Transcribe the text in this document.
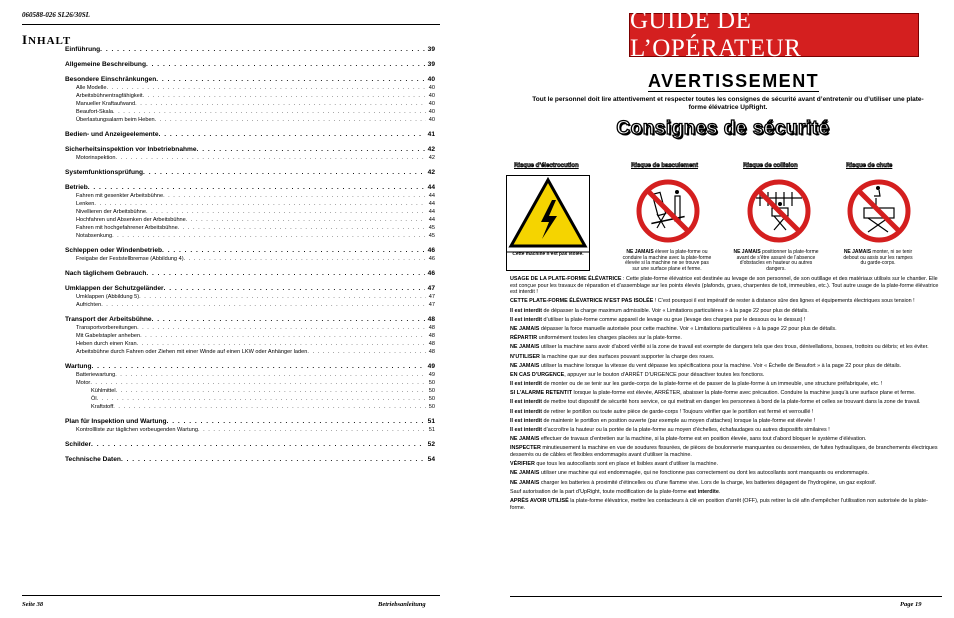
060588-026 SL26/30SL
INHALT
Einführung . . .	39
Allgemeine Beschreibung . . .	39
Besondere Einschränkungen . . .	40
Alle Modelle . . .	40
Arbeitsbühnentragfähigkeit . . .	40
Manueller Kraftaufwand . . .	40
Beaufort-Skala . . .	40
Überlastungsalarm beim Heben . . .	40
Bedien- und Anzeigeelemente . . .	41
Sicherheitsinspektion vor Inbetriebnahme . . .	42
Motorinspektion . . .	42
Systemfunktionsprüfung . . .	42
Betrieb . . .	44
Fahren mit gesenkter Arbeitsbühne . . .	44
Lenken . . .	44
Nivellieren der Arbeitsbühne . . .	44
Hochfahren und Absenken der Arbeitsbühne . . .	44
Fahren mit hochgefahrener Arbeitsbühne . . .	45
Notabsenkung . . .	45
Schleppen oder Windenbetrieb . . .	46
Freigabe der Feststellbremse (Abbildung 4) . . .	46
Nach täglichem Gebrauch . . .	46
Umklappen der Schutzgeländer . . .	47
Umklappen (Abbildung 5) . . .	47
Aufrichten . . .	47
Transport der Arbeitsbühne . . .	48
Transportvorbereitungen . . .	48
Mit Gabelstapler anheben . . .	48
Heben durch einen Kran . . .	48
Arbeitsbühne durch Fahren oder Ziehen mit einer Winde auf einen LKW oder Anhänger laden . . .	48
Wartung . . .	49
Batteriewartung . . .	49
Motor . . .	50
Kühlmittel . . .	50
Öl . . .	50
Kraftstoff . . .	50
Plan für Inspektion und Wartung . . .	51
Kontrollliste zur täglichen vorbeugenden Wartung . . .	51
Schilder . . .	52
Technische Daten . . .	54
Seite 38	Betriebsanleitung
GUIDE DE L’OPÉRATEUR
AVERTISSEMENT
Tout le personnel doit lire attentivement et respecter toutes les consignes de sécurité avant d’entretenir ou d’utiliser une plate-forme élévatrice UpRight.
Consignes de sécurité
Risque d’électrocution	Risque de basculement	Risque de collision	Risque de chute
Cette machine n’est pas isolée.	NE JAMAIS élever la plate-forme ou conduire la machine avec la plate-forme élevée si la machine ne se trouve pas sur une surface plane et ferme.
NE JAMAIS positionner la plate-forme avant de s’être assuré de l’absence d’obstacles en hauteur ou autres dangers.
NE JAMAIS monter, ni se tenir debout ou assis sur les rampes du garde-corps.

USAGE DE LA PLATE-FORME ÉLÉVATRICE : Cette plate-forme élévatrice est destinée au levage de son personnel, de son outillage et des matériaux utilisés sur le chantier. Elle est conçue pour les travaux de réparation et d’assemblage sur les points élevés (plafonds, grues, charpentes de toit, immeubles, etc.). Tout autre usage de la plate-forme élévatrice est interdit !

CETTE PLATE-FORME ÉLÉVATRICE N’EST PAS ISOLÉE ! C’est pourquoi il est impératif de rester à distance sûre des lignes et équipements électriques sous tension !

Il est interdit de dépasser la charge maximum admissible. Voir « Limitations particulières » à la page 22 pour plus de détails.

Il est interdit d’utiliser la plate-forme comme appareil de levage ou grue (levage des charges par le dessous ou le dessus) !

NE JAMAIS dépasser la force manuelle autorisée pour cette machine. Voir « Limitations particulières » à la page 22 pour plus de détails.

RÉPARTIR uniformément toutes les charges placées sur la plate-forme.

NE JAMAIS utiliser la machine sans avoir d’abord vérifié si la zone de travail est exempte de dangers tels que des trous, dénivellations, bosses, trottoirs ou débris; et les éviter.

N’UTILISER la machine que sur des surfaces pouvant supporter la charge des roues.

NE JAMAIS utiliser la machine lorsque la vitesse du vent dépasse les spécifications pour la machine. Voir « Échelle de Beaufort » à la page 22 pour plus de détails.

EN CAS D’URGENCE, appuyer sur le bouton d’ARRÊT D’URGENCE pour désactiver toutes les fonctions.

Il est interdit de monter ou de se tenir sur les garde-corps de la plate-forme et de passer de la plate-forme à un immeuble, une structure préfabriquée, etc. !

SI L’ALARME RETENTIT lorsque la plate-forme est élevée, ARRÊTER, abaisser la plate-forme avec précaution. Conduire la machine jusqu’à une surface plane et ferme.

Il est interdit de mettre tout dispositif de sécurité hors service, ce qui mettrait en danger les personnes à bord de la plate-forme et celles se trouvant dans la zone de travail.

Il est interdit de retirer le portillon ou toute autre pièce de garde-corps ! Toujours vérifier que le portillon est fermé et verrouillé !

Il est interdit de maintenir le portillon en position ouverte (par exemple au moyen d’attaches) lorsque la plate-forme est élevée !

Il est interdit d’accroître la hauteur ou la portée de la plate-forme au moyen d’échelles, échafaudages ou autres dispositifs similaires !

NE JAMAIS effectuer de travaux d’entretien sur la machine, si la plate-forme est en position élevée, sans tout d’abord bloquer le système d’élévation.

INSPECTER minutieusement la machine en vue de soudures fissurées, de pièces de boulonnerie manquantes ou desserrées, de fuites hydrauliques, de branchements électriques desserrés ou de câbles et flexibles endommagés avant d’utiliser la machine.

VÉRIFIER que tous les autocollants sont en place et lisibles avant d’utiliser la machine.

NE JAMAIS utiliser une machine qui est endommagée, qui ne fonctionne pas correctement ou dont les autocollants sont manquants ou endommagés.

NE JAMAIS charger les batteries à proximité d’étincelles ou d’une flamme vive. Lors de la charge, les batteries dégagent de l’hydrogène, un gaz explosif.

Sauf autorisation de la part d’UpRight, toute modification de la plate-forme est interdite.

APRÈS AVOIR UTILISÉ la plate-forme élévatrice, mettre les contacteurs à clé en position d’arrêt (OFF), puis retirer la clé afin d’empêcher l’utilisation non autorisée de la plate-forme.

Page 19
